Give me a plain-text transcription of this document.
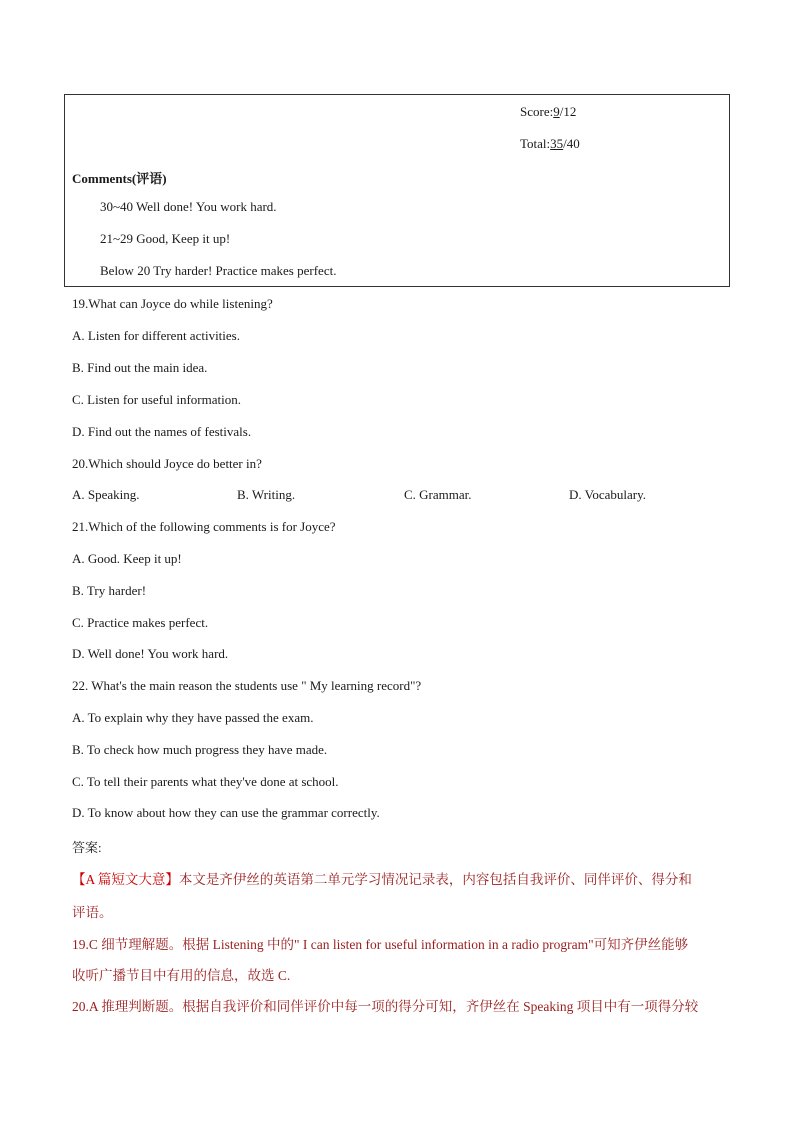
Score:9/12
Total:35/40
Comments(评语)
30~40 Well done! You work hard.
21~29 Good, Keep it up!
Below 20 Try harder! Practice makes perfect.
19.What can Joyce do while listening?
A. Listen for different activities.
B. Find out the main idea.
C. Listen for useful information.
D. Find out the names of festivals.
20.Which should Joyce do better in?
A. Speaking.	B. Writing.	C. Grammar.	D. Vocabulary.
21.Which of the following comments is for Joyce?
A. Good. Keep it up!
B. Try harder!
C. Practice makes perfect.
D. Well done! You work hard.
22. What's the main reason the students use " My learning record"?
A. To explain why they have passed the exam.
B. To check how much progress they have made.
C. To tell their parents what they've done at school.
D. To know about how they can use the grammar correctly.
答案:
【A 篇短文大意】本文是齐伊丝的英语第二单元学习情况记录表，内容包括自我评价、同伴评价、得分和
评语。
19.C 细节理解题。根据 Listening 中的" I can listen for useful information in a radio program"可知齐伊丝能够
收听广播节目中有用的信息，故选 C.
20.A 推理判断题。根据自我评价和同伴评价中每一项的得分可知，齐伊丝在 Speaking 项目中有一项得分较
